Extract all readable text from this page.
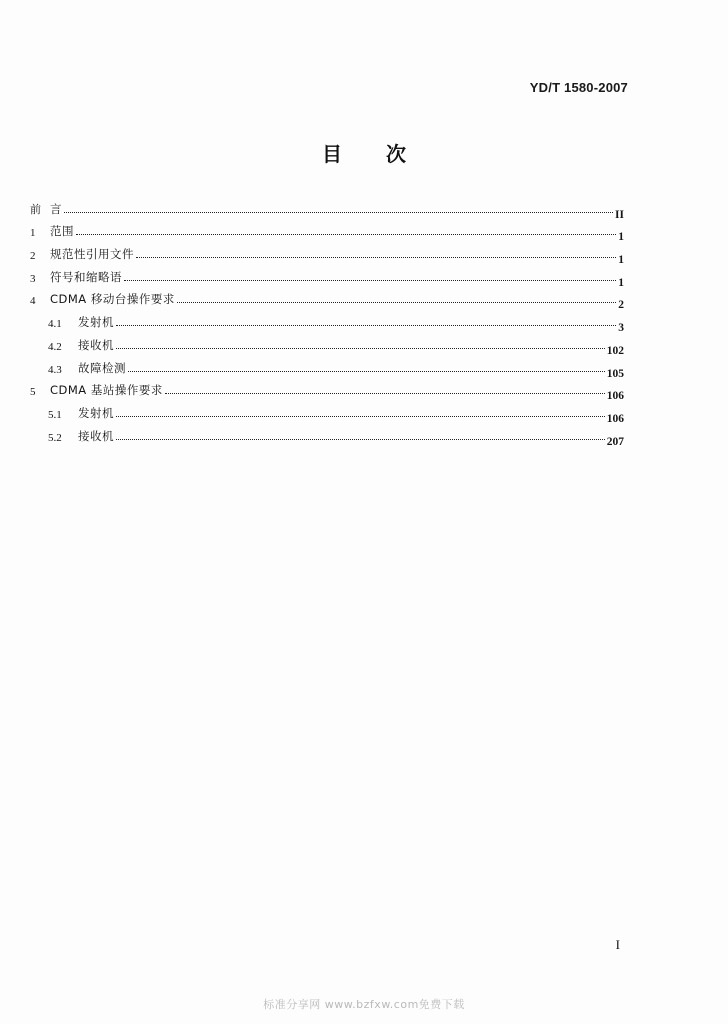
YD/T 1580-2007
目 次
前 言	II
1	范围	1
2	规范性引用文件	1
3	符号和缩略语	1
4	CDMA 移动台操作要求	2
4.1	发射机	3
4.2	接收机	102
4.3	故障检测	105
5	CDMA 基站操作要求	106
5.1	发射机	106
5.2	接收机	207
I
标准分享网 www.bzfxw.com免费下载
